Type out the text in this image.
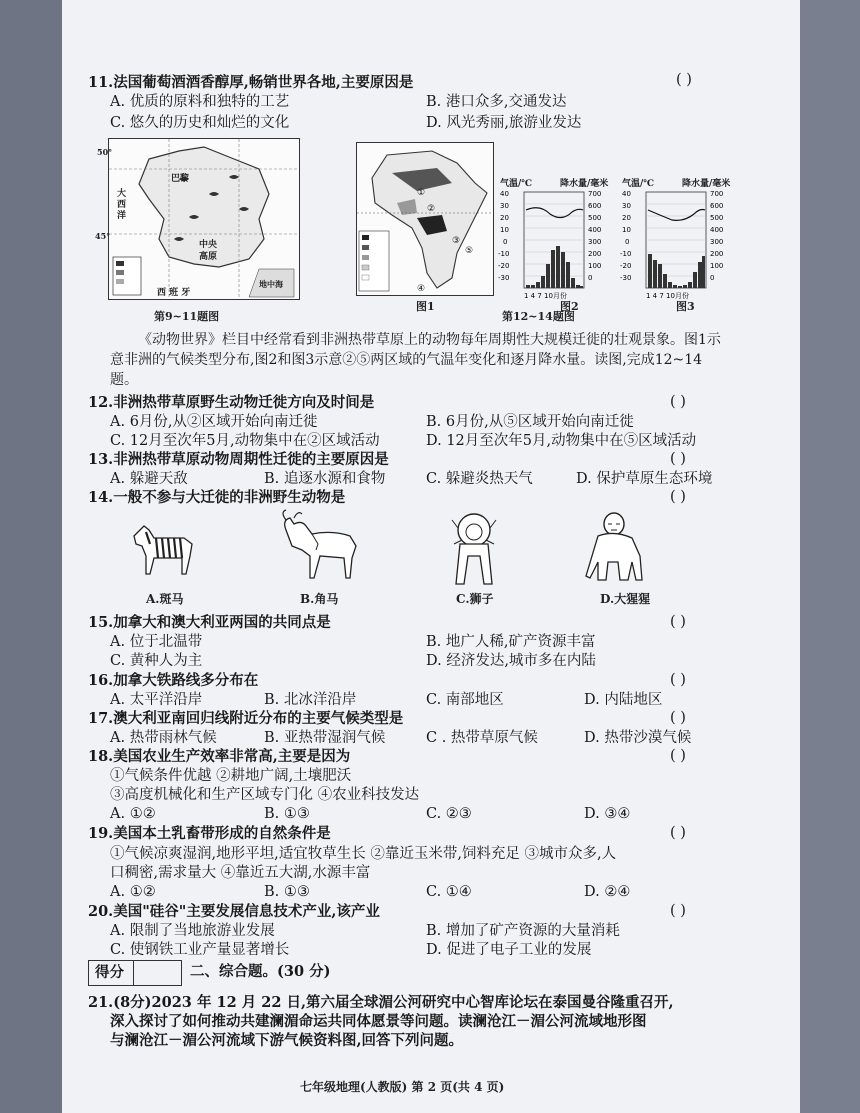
11.法国葡萄酒酒香醇厚,畅销世界各地,主要原因是	( )
A. 优质的原料和独特的工艺	B. 港口众多,交通发达
C. 悠久的历史和灿烂的文化	D. 风光秀丽,旅游业发达
50°
45°
大
西
洋
巴黎
中央
高原
地中海
西 班 牙
第9~11题图
①
②
③
④
⑤
图1
气温/℃	降水量/毫米
40
30
20
10
0
-10
-20
-30
700
600
500
400
300
200
100
0
1 4 7 10月份
图2
气温/℃	降水量/毫米
40
30
20
10
0
-10
-20
-30
700
600
500
400
300
200
100
0
1 4 7 10月份
图3
第12~14题图
《动物世界》栏目中经常看到非洲热带草原上的动物每年周期性大规模迁徙的壮观景象。图1示意非洲的气候类型分布,图2和图3示意②⑤两区域的气温年变化和逐月降水量。读图,完成12~14题。
12.非洲热带草原野生动物迁徙方向及时间是	( )
A. 6月份,从②区域开始向南迁徙	B. 6月份,从⑤区域开始向南迁徙
C. 12月至次年5月,动物集中在②区域活动	D. 12月至次年5月,动物集中在⑤区域活动
13.非洲热带草原动物周期性迁徙的主要原因是	( )
A. 躲避天敌	B. 追逐水源和食物	C. 躲避炎热天气	D. 保护草原生态环境
14.一般不参与大迁徙的非洲野生动物是	( )
A.斑马	B.角马	C.狮子	D.大猩猩
15.加拿大和澳大利亚两国的共同点是	( )
A. 位于北温带	B. 地广人稀,矿产资源丰富
C. 黄种人为主	D. 经济发达,城市多在内陆
16.加拿大铁路线多分布在	( )
A. 太平洋沿岸	B. 北冰洋沿岸	C. 南部地区	D. 内陆地区
17.澳大利亚南回归线附近分布的主要气候类型是	( )
A. 热带雨林气候	B. 亚热带湿润气候	C . 热带草原气候	D. 热带沙漠气候
18.美国农业生产效率非常高,主要是因为	( )
①气候条件优越 ②耕地广阔,土壤肥沃
③高度机械化和生产区域专门化 ④农业科技发达
A. ①②	B. ①③	C. ②③	D. ③④
19.美国本土乳畜带形成的自然条件是	( )
①气候凉爽湿润,地形平坦,适宜牧草生长 ②靠近玉米带,饲料充足 ③城市众多,人
口稠密,需求量大 ④靠近五大湖,水源丰富
A. ①②	B. ①③	C. ①④	D. ②④
20.美国"硅谷"主要发展信息技术产业,该产业	( )
A. 限制了当地旅游业发展	B. 增加了矿产资源的大量消耗
C. 使钢铁工业产量显著增长	D. 促进了电子工业的发展
得分	二、综合题。(30 分)
21.(8分)2023 年 12 月 22 日,第六届全球湄公河研究中心智库论坛在泰国曼谷隆重召开,
深入探讨了如何推动共建澜湄命运共同体愿景等问题。读澜沧江－湄公河流域地形图
与澜沧江－湄公河流域下游气候资料图,回答下列问题。
七年级地理(人教版) 第 2 页(共 4 页)
